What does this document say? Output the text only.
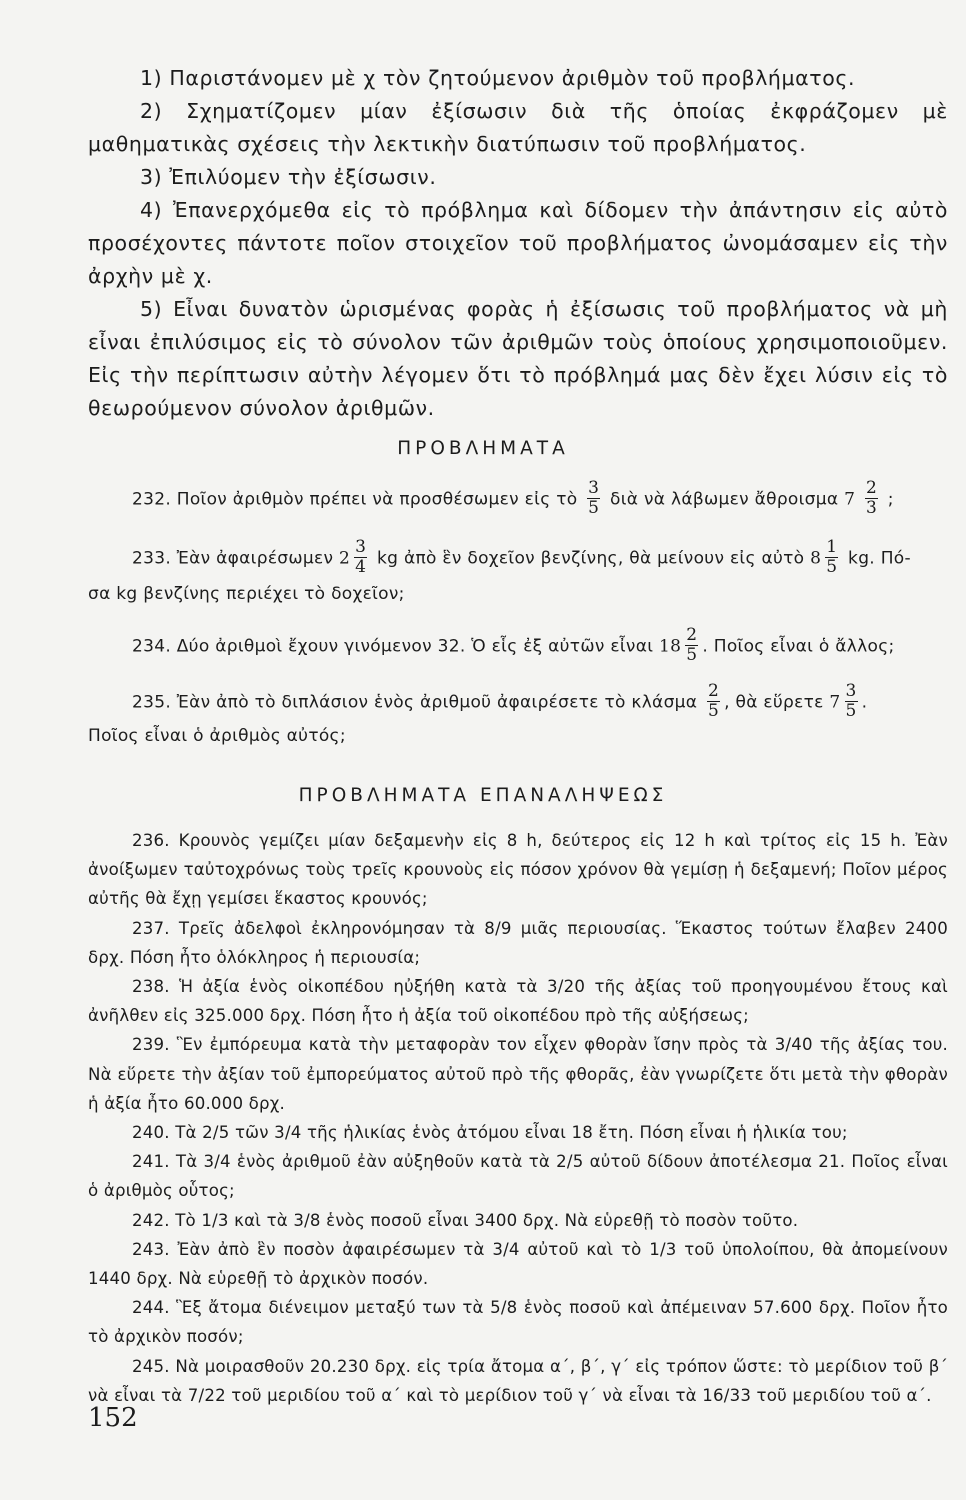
1) Παριστάνομεν μὲ χ τὸν ζητούμενον ἀριθμὸν τοῦ προβλήματος.

2) Σχηματίζομεν μίαν ἐξίσωσιν διὰ τῆς ὁποίας ἐκφράζομεν μὲ μαθηματικὰς σχέσεις τὴν λεκτικὴν διατύπωσιν τοῦ προβλήματος.

3) Ἐπιλύομεν τὴν ἐξίσωσιν.

4) Ἐπανερχόμεθα εἰς τὸ πρόβλημα καὶ δίδομεν τὴν ἀπάντησιν εἰς αὐτὸ προσέχοντες πάντοτε ποῖον στοιχεῖον τοῦ προβλήματος ὠνομάσαμεν εἰς τὴν ἀρχὴν μὲ χ.

5) Εἶναι δυνατὸν ὡρισμένας φορὰς ἡ ἐξίσωσις τοῦ προβλήματος νὰ μὴ εἶναι ἐπιλύσιμος εἰς τὸ σύνολον τῶν ἀριθμῶν τοὺς ὁποίους χρησιμοποιοῦμεν. Εἰς τὴν περίπτωσιν αὐτὴν λέγομεν ὅτι τὸ πρόβλημά μας δὲν ἔχει λύσιν εἰς τὸ θεωρούμενον σύνολον ἀριθμῶν.

ΠΡΟΒΛΗΜΑΤΑ
232. Ποῖον ἀριθμὸν πρέπει νὰ προσθέσωμεν εἰς τὸ $\frac{3}{5}$ διὰ νὰ λάβωμεν ἄθροισμα $7 \frac{2}{3}$ ;
233. Ἐὰν ἀφαιρέσωμεν $2 \frac{3}{4}$ kg ἀπὸ ἓν δοχεῖον βενζίνης, θὰ μείνουν εἰς αὐτὸ $8 \frac{1}{5}$ kg. Πό-
σα kg βενζίνης περιέχει τὸ δοχεῖον;
234. Δύο ἀριθμοὶ ἔχουν γινόμενον 32. Ὁ εἷς ἐξ αὐτῶν εἶναι $18 \frac{2}{5}$ . Ποῖος εἶναι ὁ ἄλλος;
235. Ἐὰν ἀπὸ τὸ διπλάσιον ἑνὸς ἀριθμοῦ ἀφαιρέσετε τὸ κλάσμα $\frac{2}{5}$ , θὰ εὕρετε $7 \frac{3}{5}$ .
Ποῖος εἶναι ὁ ἀριθμὸς αὐτός;
ΠΡΟΒΛΗΜΑΤΑ ΕΠΑΝΑΛΗΨΕΩΣ

236. Κρουνὸς γεμίζει μίαν δεξαμενὴν εἰς 8 h, δεύτερος εἰς 12 h καὶ τρίτος εἰς 15 h. Ἐὰν ἀνοίξωμεν ταὐτοχρόνως τοὺς τρεῖς κρουνοὺς εἰς πόσον χρόνον θὰ γεμίσῃ ἡ δεξαμενή; Ποῖον μέρος αὐτῆς θὰ ἔχῃ γεμίσει ἕκαστος κρουνός;

237. Τρεῖς ἀδελφοὶ ἐκληρονόμησαν τὰ 8/9 μιᾶς περιουσίας. Ἕκαστος τούτων ἔλαβεν 2400 δρχ. Πόση ἦτο ὁλόκληρος ἡ περιουσία;

238. Ἡ ἀξία ἑνὸς οἰκοπέδου ηὐξήθη κατὰ τὰ 3/20 τῆς ἀξίας τοῦ προηγουμένου ἔτους καὶ ἀνῆλθεν εἰς 325.000 δρχ. Πόση ἦτο ἡ ἀξία τοῦ οἰκοπέδου πρὸ τῆς αὐξήσεως;

239. Ἓν ἐμπόρευμα κατὰ τὴν μεταφορὰν τον εἶχεν φθορὰν ἴσην πρὸς τὰ 3/40 τῆς ἀξίας του. Νὰ εὕρετε τὴν ἀξίαν τοῦ ἐμπορεύματος αὐτοῦ πρὸ τῆς φθορᾶς, ἐὰν γνωρίζετε ὅτι μετὰ τὴν φθορὰν ἡ ἀξία ἦτο 60.000 δρχ.

240. Τὰ 2/5 τῶν 3/4 τῆς ἡλικίας ἑνὸς ἀτόμου εἶναι 18 ἔτη. Πόση εἶναι ἡ ἡλικία του;

241. Τὰ 3/4 ἑνὸς ἀριθμοῦ ἐὰν αὐξηθοῦν κατὰ τὰ 2/5 αὐτοῦ δίδουν ἀποτέλεσμα 21. Ποῖος εἶναι ὁ ἀριθμὸς οὗτος;

242. Τὸ 1/3 καὶ τὰ 3/8 ἑνὸς ποσοῦ εἶναι 3400 δρχ. Νὰ εὑρεθῇ τὸ ποσὸν τοῦτο.

243. Ἐὰν ἀπὸ ἓν ποσὸν ἀφαιρέσωμεν τὰ 3/4 αὐτοῦ καὶ τὸ 1/3 τοῦ ὑπολοίπου, θὰ ἀπομείνουν 1440 δρχ. Νὰ εὑρεθῇ τὸ ἀρχικὸν ποσόν.

244. Ἓξ ἄτομα διένειμον μεταξύ των τὰ 5/8 ἑνὸς ποσοῦ καὶ ἀπέμειναν 57.600 δρχ. Ποῖον ἦτο τὸ ἀρχικὸν ποσόν;

245. Νὰ μοιρασθοῦν 20.230 δρχ. εἰς τρία ἄτομα α΄, β΄, γ΄ εἰς τρόπον ὥστε: τὸ μερίδιον τοῦ β΄ νὰ εἶναι τὰ 7/22 τοῦ μεριδίου τοῦ α΄ καὶ τὸ μερίδιον τοῦ γ΄ νὰ εἶναι τὰ 16/33 τοῦ μεριδίου τοῦ α΄.

152
